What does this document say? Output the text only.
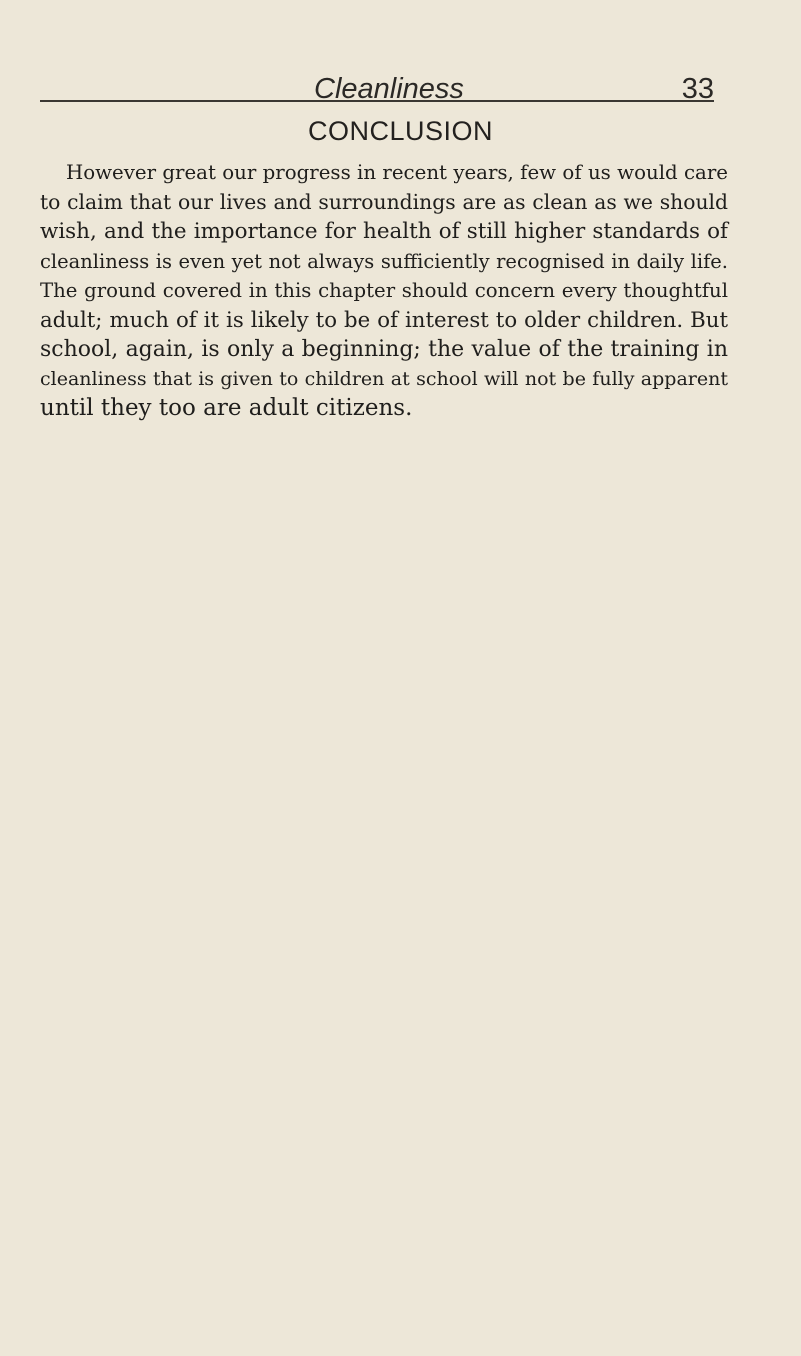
Cleanliness	33
CONCLUSION
However great our progress in recent years, few of us would care
to claim that our lives and surroundings are as clean as we should
wish, and the importance for health of still higher standards of
cleanliness is even yet not always sufficiently recognised in daily life.
The ground covered in this chapter should concern every thoughtful
adult; much of it is likely to be of interest to older children. But
school, again, is only a beginning; the value of the training in
cleanliness that is given to children at school will not be fully apparent
until they too are adult citizens.
